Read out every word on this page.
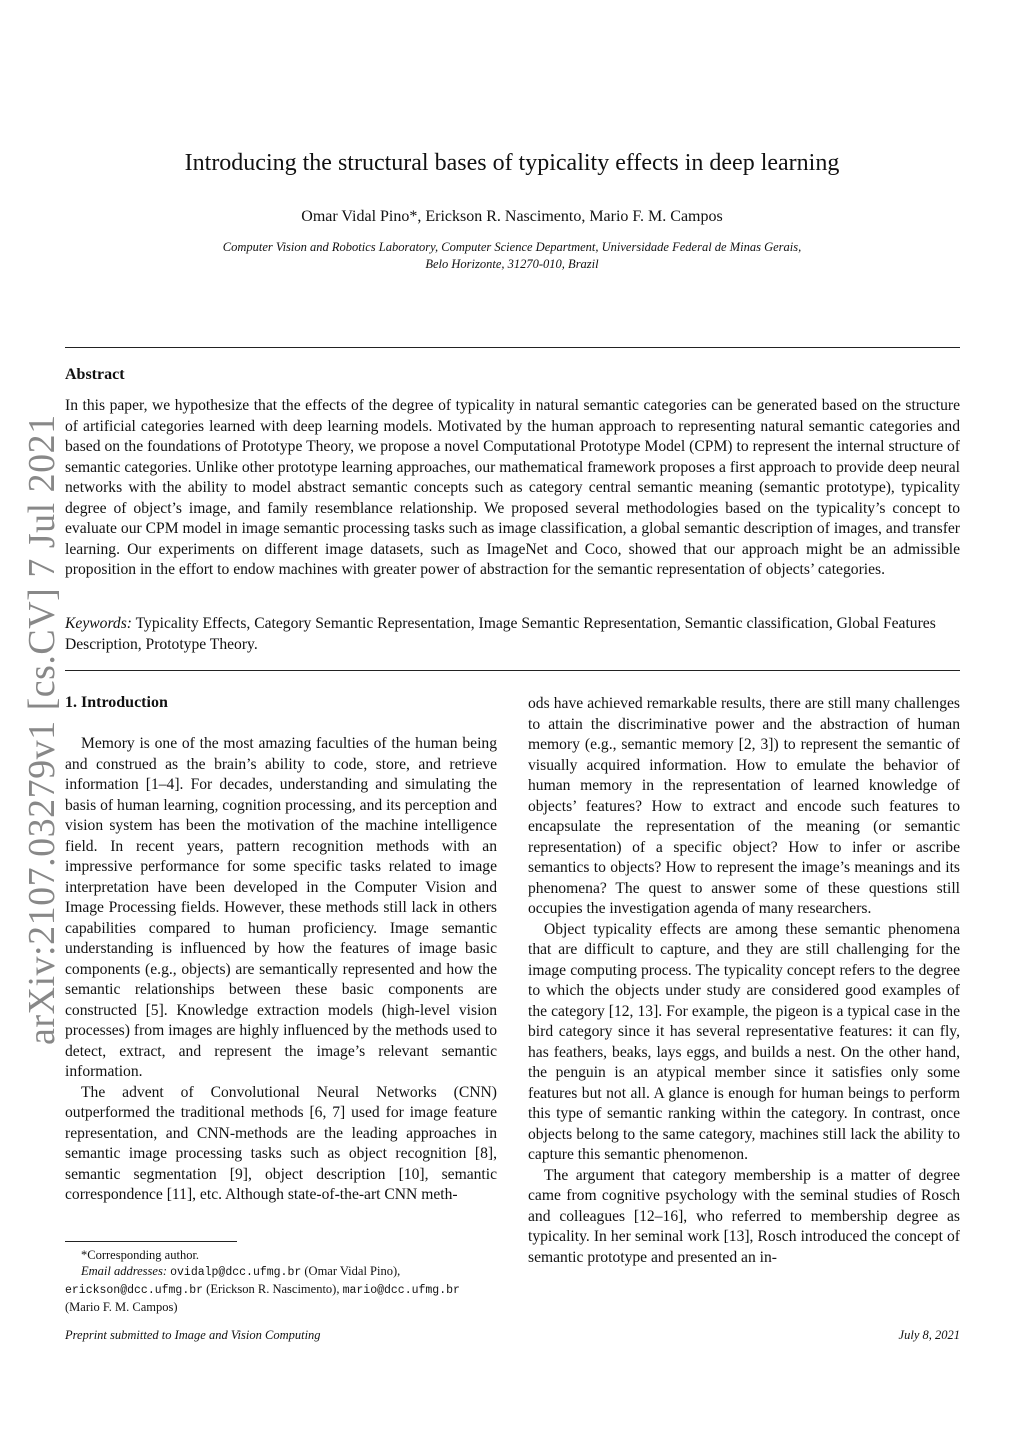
arXiv:2107.03279v1 [cs.CV] 7 Jul 2021
Introducing the structural bases of typicality effects in deep learning
Omar Vidal Pino*, Erickson R. Nascimento, Mario F. M. Campos
Computer Vision and Robotics Laboratory, Computer Science Department, Universidade Federal de Minas Gerais,
Belo Horizonte, 31270-010, Brazil
Abstract
In this paper, we hypothesize that the effects of the degree of typicality in natural semantic categories can be generated based on the structure of artificial categories learned with deep learning models. Motivated by the human approach to representing natural semantic categories and based on the foundations of Prototype Theory, we propose a novel Computational Prototype Model (CPM) to represent the internal structure of semantic categories. Unlike other prototype learning approaches, our mathematical framework proposes a first approach to provide deep neural networks with the ability to model abstract semantic concepts such as category central semantic meaning (semantic prototype), typicality degree of object’s image, and family resemblance relationship. We proposed several methodologies based on the typicality’s concept to evaluate our CPM model in image semantic processing tasks such as image classification, a global semantic description of images, and transfer learning. Our experiments on different image datasets, such as ImageNet and Coco, showed that our approach might be an admissible proposition in the effort to endow machines with greater power of abstraction for the semantic representation of objects’ categories.
Keywords: Typicality Effects, Category Semantic Representation, Image Semantic Representation, Semantic classification, Global Features Description, Prototype Theory.
1. Introduction

Memory is one of the most amazing faculties of the human being and construed as the brain’s ability to code, store, and retrieve information [1–4]. For decades, understanding and simulating the basis of human learning, cognition processing, and its perception and vision system has been the motivation of the machine intelligence field. In recent years, pattern recognition methods with an impressive performance for some specific tasks related to image interpretation have been developed in the Computer Vision and Image Processing fields. However, these methods still lack in others capabilities compared to human proficiency. Image semantic understanding is influenced by how the features of image basic components (e.g., objects) are semantically represented and how the semantic relationships between these basic components are constructed [5]. Knowledge extraction models (high-level vision processes) from images are highly influenced by the methods used to detect, extract, and represent the image’s relevant semantic information.

The advent of Convolutional Neural Networks (CNN) outperformed the traditional methods [6, 7] used for image feature representation, and CNN-methods are the leading approaches in semantic image processing tasks such as object recognition [8], semantic segmentation [9], object description [10], semantic correspondence [11], etc. Although state-of-the-art CNN meth-

ods have achieved remarkable results, there are still many challenges to attain the discriminative power and the abstraction of human memory (e.g., semantic memory [2, 3]) to represent the semantic of visually acquired information. How to emulate the behavior of human memory in the representation of learned knowledge of objects’ features? How to extract and encode such features to encapsulate the representation of the meaning (or semantic representation) of a specific object? How to infer or ascribe semantics to objects? How to represent the image’s meanings and its phenomena? The quest to answer some of these questions still occupies the investigation agenda of many researchers.

Object typicality effects are among these semantic phenomena that are difficult to capture, and they are still challenging for the image computing process. The typicality concept refers to the degree to which the objects under study are considered good examples of the category [12, 13]. For example, the pigeon is a typical case in the bird category since it has several representative features: it can fly, has feathers, beaks, lays eggs, and builds a nest. On the other hand, the penguin is an atypical member since it satisfies only some features but not all. A glance is enough for human beings to perform this type of semantic ranking within the category. In contrast, once objects belong to the same category, machines still lack the ability to capture this semantic phenomenon.

The argument that category membership is a matter of degree came from cognitive psychology with the seminal studies of Rosch and colleagues [12–16], who referred to membership degree as typicality. In her seminal work [13], Rosch introduced the concept of semantic prototype and presented an in-

*Corresponding author.
Email addresses: ovidalp@dcc.ufmg.br (Omar Vidal Pino),
erickson@dcc.ufmg.br (Erickson R. Nascimento), mario@dcc.ufmg.br
(Mario F. M. Campos)
Preprint submitted to Image and Vision Computing	July 8, 2021
